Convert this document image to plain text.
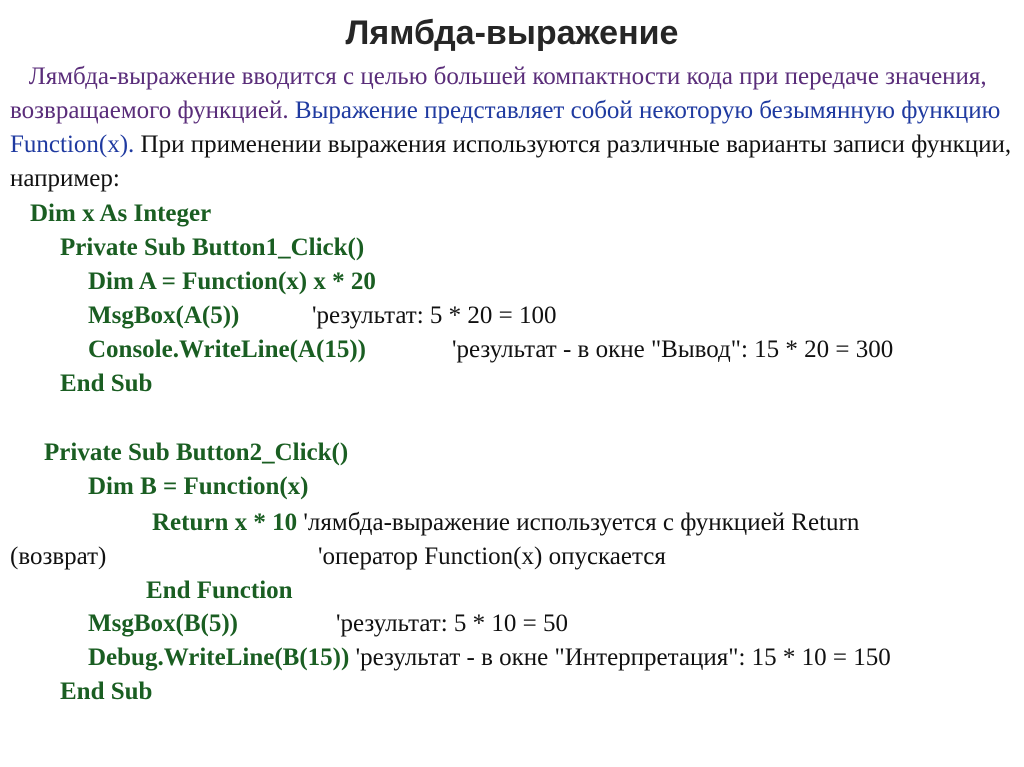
Лямбда-выражение
Лямбда-выражение вводится с целью большей компактности кода при передаче значения, возвращаемого функцией. Выражение представляет собой некоторую безымянную функцию Function(x). При применении выражения используются различные варианты записи функции, например:
Dim x As Integer
Private Sub Button1_Click()
Dim A = Function(x) x * 20
MsgBox(A(5))	'результат: 5 * 20 = 100
Console.WriteLine(A(15))	'результат - в окне "Вывод": 15 * 20 = 300
End Sub
Private Sub Button2_Click()
Dim B = Function(x)
Return x * 10 'лямбда-выражение используется с функцией Return
(возврат)	'оператор Function(x) опускается
End Function
MsgBox(B(5))	'результат: 5 * 10 = 50
Debug.WriteLine(B(15)) 'результат - в окне "Интерпретация": 15 * 10 = 150
End Sub
